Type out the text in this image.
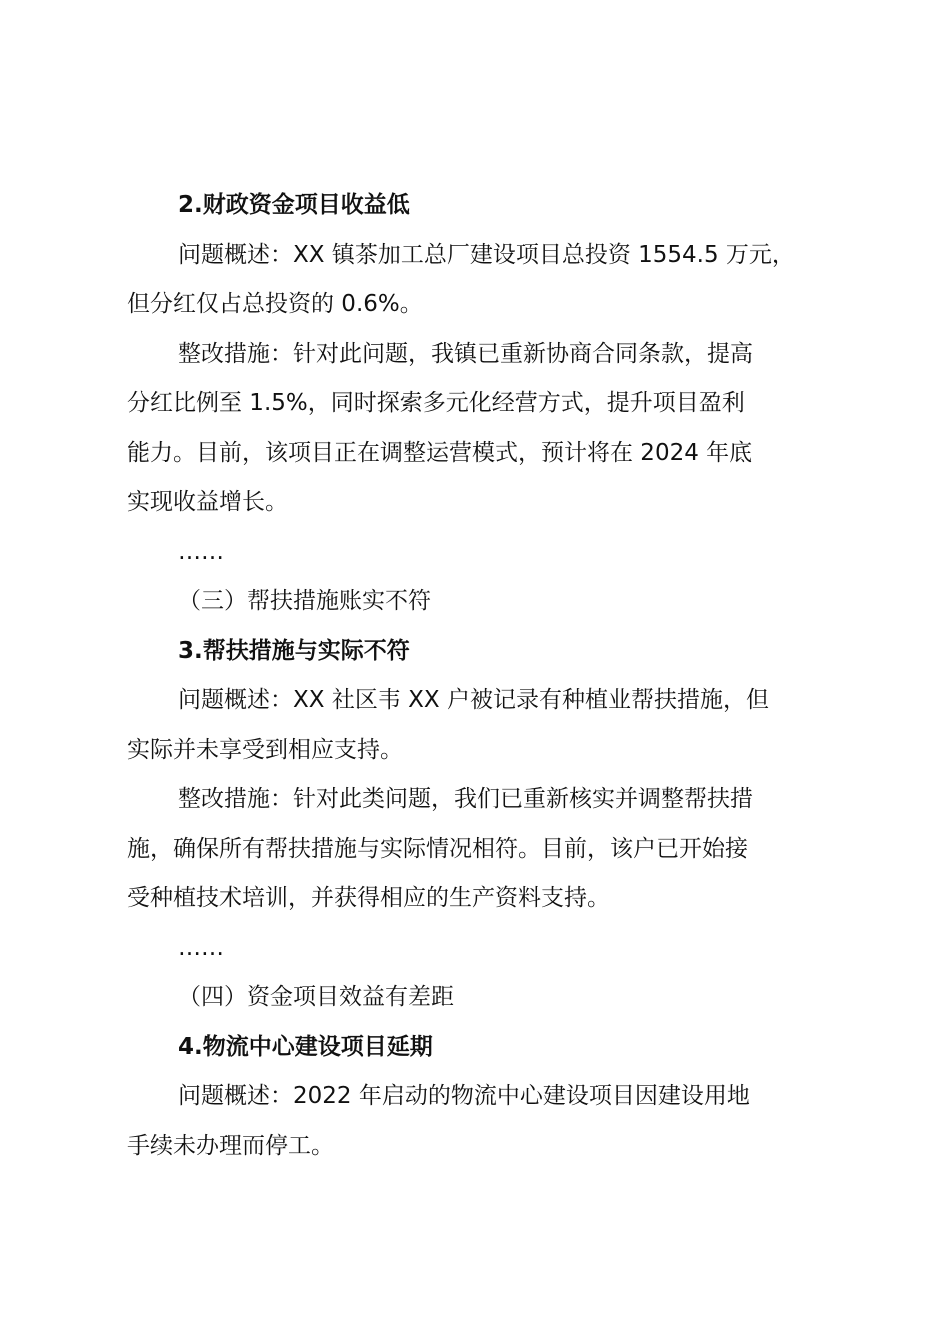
2.财政资金项目收益低
问题概述：XX 镇茶加工总厂建设项目总投资 1554.5 万元，
但分红仅占总投资的 0.6%。
整改措施：针对此问题，我镇已重新协商合同条款，提高
分红比例至 1.5%，同时探索多元化经营方式，提升项目盈利
能力。目前，该项目正在调整运营模式，预计将在 2024 年底
实现收益增长。
……
（三）帮扶措施账实不符
3.帮扶措施与实际不符
问题概述：XX 社区韦 XX 户被记录有种植业帮扶措施，但
实际并未享受到相应支持。
整改措施：针对此类问题，我们已重新核实并调整帮扶措
施，确保所有帮扶措施与实际情况相符。目前，该户已开始接
受种植技术培训，并获得相应的生产资料支持。
……
（四）资金项目效益有差距
4.物流中心建设项目延期
问题概述：2022 年启动的物流中心建设项目因建设用地
手续未办理而停工。
